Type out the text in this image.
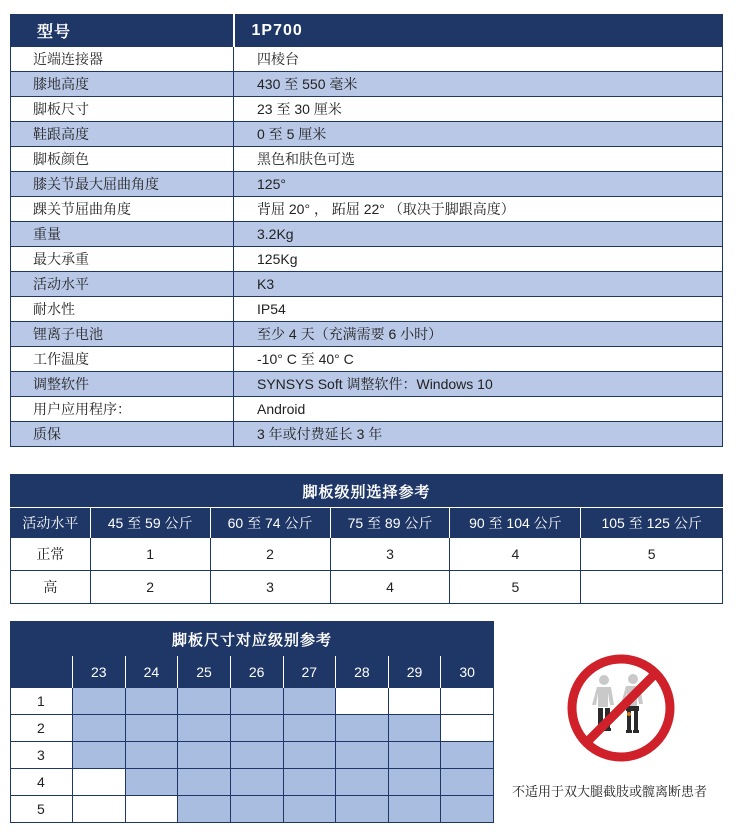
型号	1P700
近端连接器	四棱台
膝地高度	430 至 550 毫米
脚板尺寸	23 至 30 厘米
鞋跟高度	0 至 5 厘米
脚板颜色	黑色和肤色可选
膝关节最大屈曲角度	125°
踝关节屈曲角度	背屈 20° ， 跖屈 22° （取决于脚跟高度）
重量	3.2Kg
最大承重	125Kg
活动水平	K3
耐水性	IP54
锂离子电池	至少 4 天（充满需要 6 小时）
工作温度	-10° C 至 40° C
调整软件	SYNSYS Soft 调整软件：Windows 10
用户应用程序：	Android
质保	3 年或付费延长 3 年
脚板级别选择参考					
活动水平	45 至 59 公斤	60 至 74 公斤	75 至 89 公斤	90 至 104 公斤	105 至 125 公斤
正常	1	2	3	4	5
高	2	3	4	5	
脚板尺寸对应级别参考								
	23	24	25	26	27	28	29	30
1								
2								
3								
4								
5								
不适用于双大腿截肢或髋离断患者
